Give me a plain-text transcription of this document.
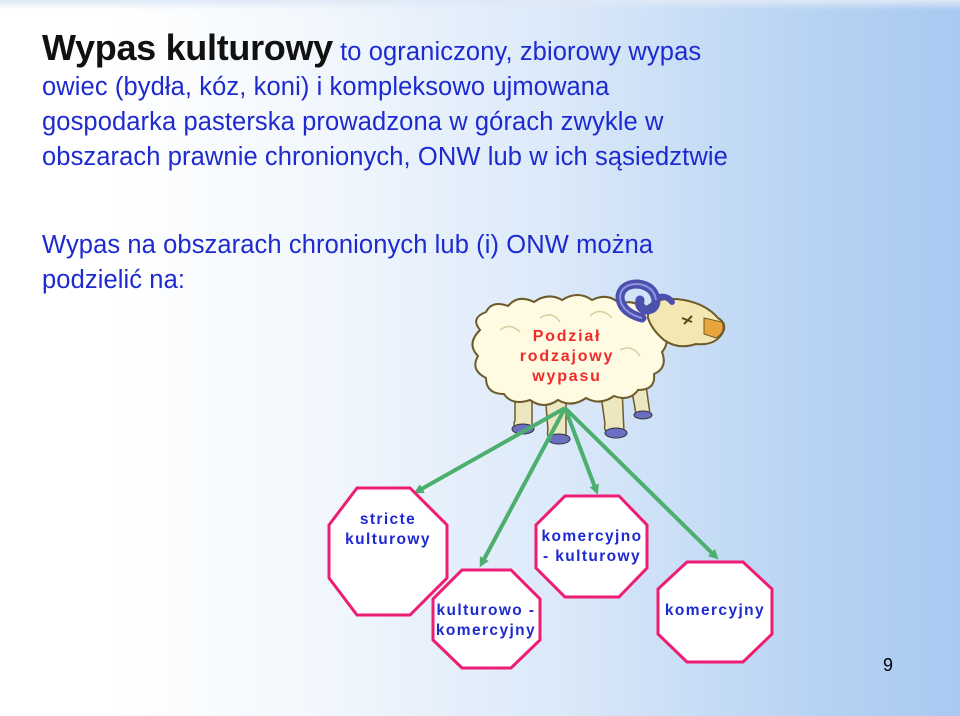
Wypas kulturowy to ograniczony, zbiorowy wypas
owiec (bydła, kóz, koni) i kompleksowo ujmowana
gospodarka pasterska prowadzona w górach zwykle w
obszarach prawnie chronionych, ONW lub w ich sąsiedztwie

Wypas na obszarach chronionych lub (i) ONW można
podzielić na:

Podział
rodzajowy
wypasu
stricte
kulturowy
kulturowo -
komercyjny
komercyjno
- kulturowy
komercyjny
9
